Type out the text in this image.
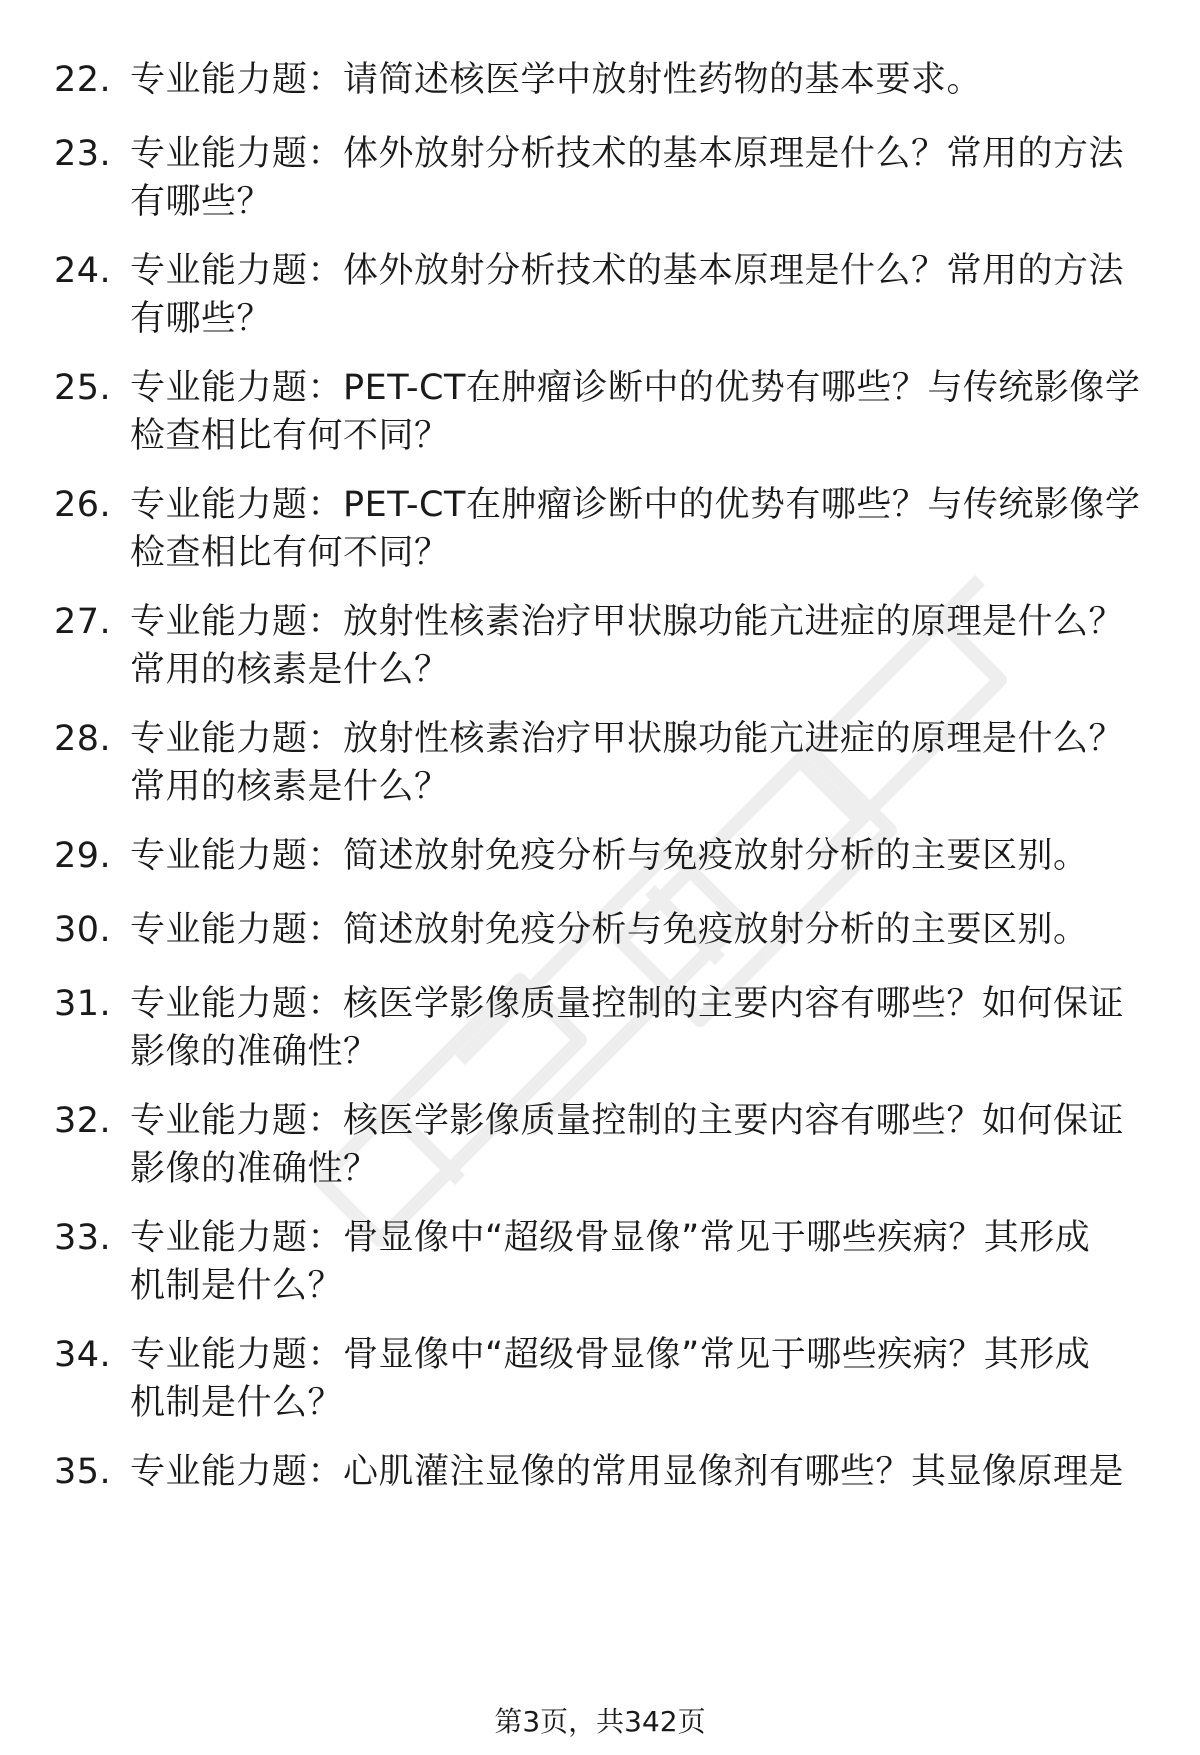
22. 专业能力题：请简述核医学中放射性药物的基本要求。
23. 专业能力题：体外放射分析技术的基本原理是什么？常用的方法
有哪些？
24. 专业能力题：体外放射分析技术的基本原理是什么？常用的方法
有哪些？
25. 专业能力题：PET-CT在肿瘤诊断中的优势有哪些？与传统影像学
检查相比有何不同？
26. 专业能力题：PET-CT在肿瘤诊断中的优势有哪些？与传统影像学
检查相比有何不同？
27. 专业能力题：放射性核素治疗甲状腺功能亢进症的原理是什么？
常用的核素是什么？
28. 专业能力题：放射性核素治疗甲状腺功能亢进症的原理是什么？
常用的核素是什么？
29. 专业能力题：简述放射免疫分析与免疫放射分析的主要区别。
30. 专业能力题：简述放射免疫分析与免疫放射分析的主要区别。
31. 专业能力题：核医学影像质量控制的主要内容有哪些？如何保证
影像的准确性？
32. 专业能力题：核医学影像质量控制的主要内容有哪些？如何保证
影像的准确性？
33. 专业能力题：骨显像中“超级骨显像”常见于哪些疾病？其形成
机制是什么？
34. 专业能力题：骨显像中“超级骨显像”常见于哪些疾病？其形成
机制是什么？
35. 专业能力题：心肌灌注显像的常用显像剂有哪些？其显像原理是
第3页，共342页
